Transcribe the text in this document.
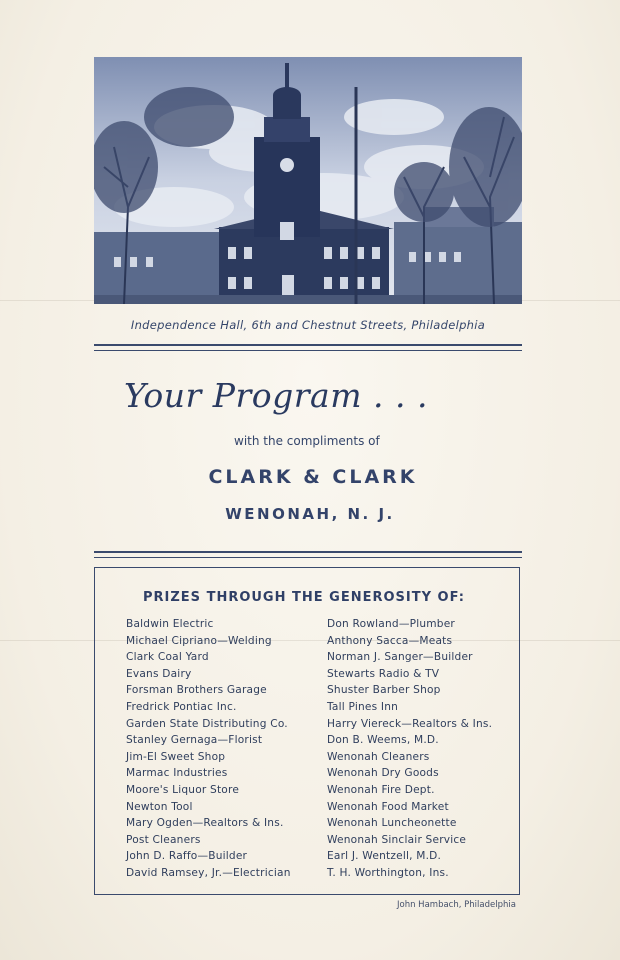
Independence Hall, 6th and Chestnut Streets, Philadelphia
Your Program . . .
with the compliments of
CLARK & CLARK
WENONAH, N. J.
PRIZES THROUGH THE GENEROSITY OF:
Baldwin Electric
Michael Cipriano—Welding
Clark Coal Yard
Evans Dairy
Forsman Brothers Garage
Fredrick Pontiac Inc.
Garden State Distributing Co.
Stanley Gernaga—Florist
Jim-El Sweet Shop
Marmac Industries
Moore's Liquor Store
Newton Tool
Mary Ogden—Realtors & Ins.
Post Cleaners
John D. Raffo—Builder
David Ramsey, Jr.—Electrician
Don Rowland—Plumber
Anthony Sacca—Meats
Norman J. Sanger—Builder
Stewarts Radio & TV
Shuster Barber Shop
Tall Pines Inn
Harry Viereck—Realtors & Ins.
Don B. Weems, M.D.
Wenonah Cleaners
Wenonah Dry Goods
Wenonah Fire Dept.
Wenonah Food Market
Wenonah Luncheonette
Wenonah Sinclair Service
Earl J. Wentzell, M.D.
T. H. Worthington, Ins.
John Hambach, Philadelphia
